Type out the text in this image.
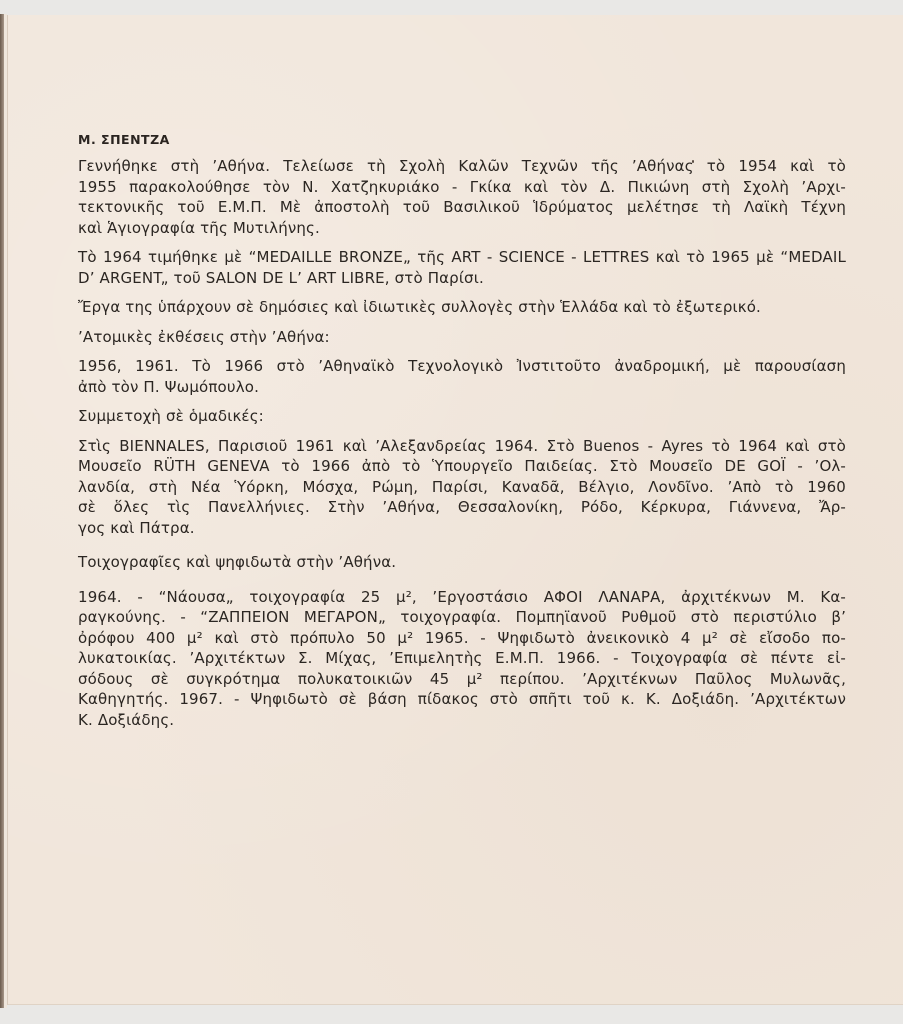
Μ. ΣΠΕΝΤΖΑ
Γεννήθηκε στὴ ’Αθήνα. Τελείωσε τὴ Σχολὴ Καλῶν Τεχνῶν τῆς ’Αθήνας τὸ 1954 καὶ τὸ
1955 παρακολούθησε τὸν Ν. Χατζηκυριάκο - Γκίκα καὶ τὸν Δ. Πικιώνη στὴ Σχολὴ ’Αρχι-
τεκτονικῆς τοῦ Ε.Μ.Π. Μὲ ἀποστολὴ τοῦ Βασιλικοῦ Ἱδρύματος μελέτησε τὴ Λαϊκὴ Τέχνη
καὶ Ἁγιογραφία τῆς Μυτιλήνης.
Τὸ 1964 τιμήθηκε μὲ “MEDAILLE BRONZE„ τῆς ART - SCIENCE - LETTRES καὶ τὸ 1965 μὲ “MEDAIL
D’ ARGENT„ τοῦ SALON DE L’ ART LIBRE, στὸ Παρίσι.
Ἔργα της ὑπάρχουν σὲ δημόσιες καὶ ἰδιωτικὲς συλλογὲς στὴν Ἑλλάδα καὶ τὸ ἐξωτερικό.
’Ατομικὲς ἐκθέσεις στὴν ’Αθήνα:
1956, 1961. Τὸ 1966 στὸ ’Αθηναϊκὸ Τεχνολογικὸ Ἰνστιτοῦτο ἀναδρομική, μὲ παρουσίαση
ἀπὸ τὸν Π. Ψωμόπουλο.
Συμμετοχὴ σὲ ὁμαδικές:
Στὶς BIENNALES, Παρισιοῦ 1961 καὶ ’Αλεξανδρείας 1964. Στὸ Buenos - Ayres τὸ 1964 καὶ στὸ
Μουσεῖο RÜTH GENEVA τὸ 1966 ἀπὸ τὸ Ὑπουργεῖο Παιδείας. Στὸ Μουσεῖο DE GOÏ - ’Ολ-
λανδία, στὴ Νέα Ὑόρκη, Μόσχα, Ρώμη, Παρίσι, Καναδᾶ, Βέλγιο, Λονδῖνο. ’Απὸ τὸ 1960
σὲ ὅλες τὶς Πανελλήνιες. Στὴν ’Αθήνα, Θεσσαλονίκη, Ρόδο, Κέρκυρα, Γιάννενα, Ἄρ-
γος καὶ Πάτρα.
Τοιχογραφῖες καὶ ψηφιδωτὰ στὴν ’Αθήνα.
1964. - “Νάουσα„ τοιχογραφία 25 μ², ’Εργοστάσιο ΑΦΟΙ ΛΑΝΑΡΑ, ἀρχιτέκνων Μ. Κα-
ραγκούνης. - “ΖΑΠΠΕΙΟΝ ΜΕΓΑΡΟΝ„ τοιχογραφία. Πομπηϊανοῦ Ρυθμοῦ στὸ περιστύλιο β’
ὀρόφου 400 μ² καὶ στὸ πρόπυλο 50 μ² 1965. - Ψηφιδωτὸ ἀνεικονικὸ 4 μ² σὲ εἴσοδο πο-
λυκατοικίας. ’Αρχιτέκτων Σ. Μίχας, ’Επιμελητὴς Ε.Μ.Π. 1966. - Τοιχογραφία σὲ πέντε εἰ-
σόδους σὲ συγκρότημα πολυκατοικιῶν 45 μ² περίπου. ’Αρχιτέκνων Παῦλος Μυλωνᾶς,
Καθηγητής. 1967. - Ψηφιδωτὸ σὲ βάση πίδακος στὸ σπῆτι τοῦ κ. Κ. Δοξιάδη. ’Αρχιτέκτων
Κ. Δοξιάδης.
